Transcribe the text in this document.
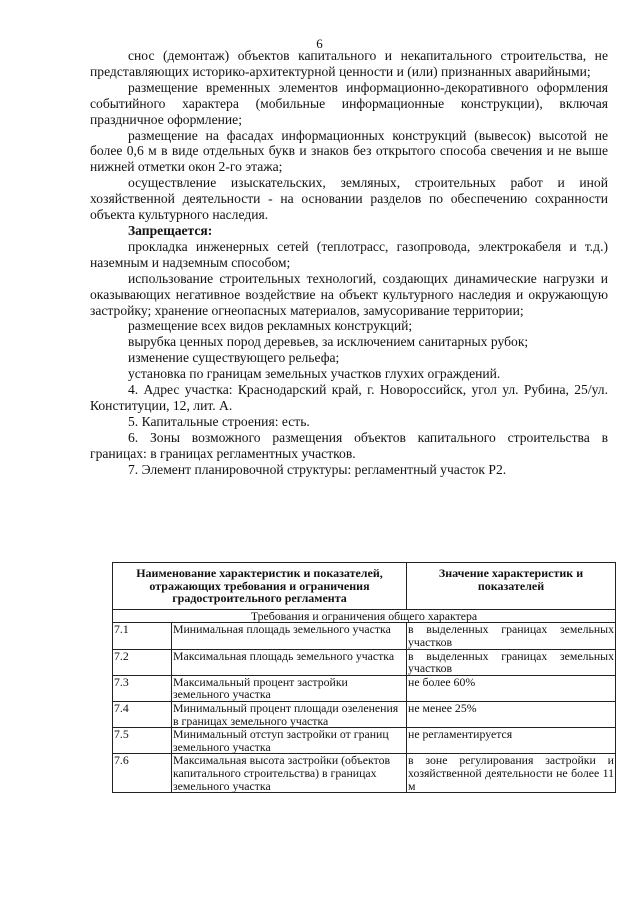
6

снос (демонтаж) объектов капитального и некапитального строительства, не представляющих историко-архитектурной ценности и (или) признанных аварийными;

размещение временных элементов информационно-декоративного оформления событийного характера (мобильные информационные конструкции), включая праздничное оформление;

размещение на фасадах информационных конструкций (вывесок) высотой не более 0,6 м в виде отдельных букв и знаков без открытого способа свечения и не выше нижней отметки окон 2-го этажа;

осуществление изыскательских, земляных, строительных работ и иной хозяйственной деятельности - на основании разделов по обеспечению сохранности объекта культурного наследия.

Запрещается:

прокладка инженерных сетей (теплотрасс, газопровода, электрокабеля и т.д.) наземным и надземным способом;

использование строительных технологий, создающих динамические нагрузки и оказывающих негативное воздействие на объект культурного наследия и окружающую застройку; хранение огнеопасных материалов, замусоривание территории;

размещение всех видов рекламных конструкций;

вырубка ценных пород деревьев, за исключением санитарных рубок;

изменение существующего рельефа;

установка по границам земельных участков глухих ограждений.

4. Адрес участка: Краснодарский край, г. Новороссийск, угол ул. Рубина, 25/ул. Конституции, 12, лит. А.

5. Капитальные строения: есть.

6. Зоны возможного размещения объектов капитального строительства в границах: в границах регламентных участков.

7. Элемент планировочной структуры: регламентный участок Р2.

Наименование характеристик и показателей, отражающих требования и ограничения градостроительного регламента		Значение характеристик и показателей
Требования и ограничения общего характера		
7.1	Минимальная площадь земельного участка	в выделенных границах земельных участков
7.2	Максимальная площадь земельного участка	в выделенных границах земельных участков
7.3	Максимальный процент застройки земельного участка	не более 60%
7.4	Минимальный процент площади озеленения в границах земельного участка	не менее 25%
7.5	Минимальный отступ застройки от границ земельного участка	не регламентируется
7.6	Максимальная высота застройки (объектов капитального строительства) в границах земельного участка	в зоне регулирования застройки и хозяйственной деятельности не более 11 м
